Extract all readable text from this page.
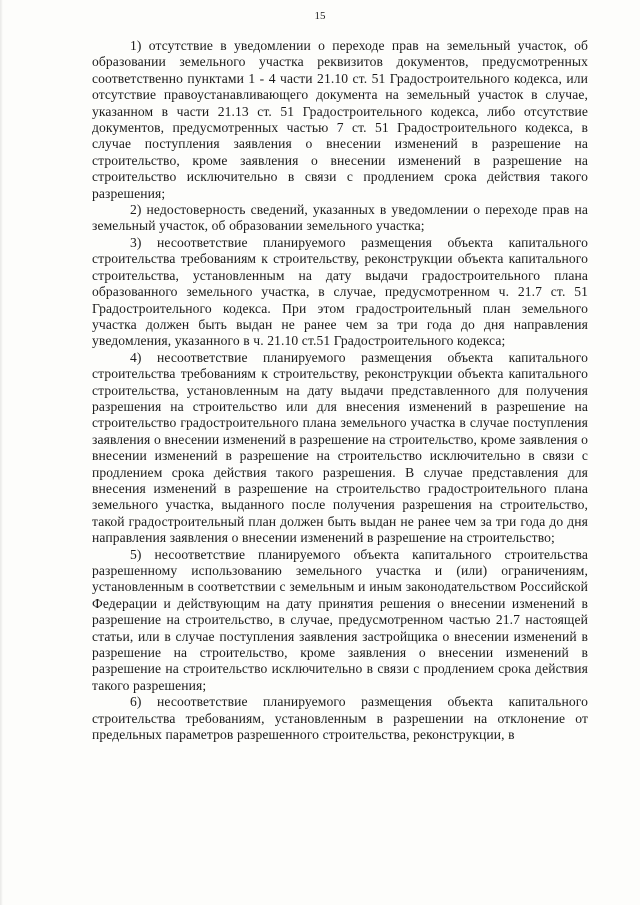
15

1) отсутствие в уведомлении о переходе прав на земельный участок, об образовании земельного участка реквизитов документов, предусмотренных соответственно пунктами 1 - 4 части 21.10 ст. 51 Градостроительного кодекса, или отсутствие правоустанавливающего документа на земельный участок в случае, указанном в части 21.13 ст. 51 Градостроительного кодекса, либо отсутствие документов, предусмотренных частью 7 ст. 51 Градостроительного кодекса, в случае поступления заявления о внесении изменений в разрешение на строительство, кроме заявления о внесении изменений в разрешение на строительство исключительно в связи с продлением срока действия такого разрешения;

2) недостоверность сведений, указанных в уведомлении о переходе прав на земельный участок, об образовании земельного участка;

3) несоответствие планируемого размещения объекта капитального строительства требованиям к строительству, реконструкции объекта капитального строительства, установленным на дату выдачи градостроительного плана образованного земельного участка, в случае, предусмотренном ч. 21.7 ст. 51 Градостроительного кодекса. При этом градостроительный план земельного участка должен быть выдан не ранее чем за три года до дня направления уведомления, указанного в ч. 21.10 ст.51 Градостроительного кодекса;

4) несоответствие планируемого размещения объекта капитального строительства требованиям к строительству, реконструкции объекта капитального строительства, установленным на дату выдачи представленного для получения разрешения на строительство или для внесения изменений в разрешение на строительство градостроительного плана земельного участка в случае поступления заявления о внесении изменений в разрешение на строительство, кроме заявления о внесении изменений в разрешение на строительство исключительно в связи с продлением срока действия такого разрешения. В случае представления для внесения изменений в разрешение на строительство градостроительного плана земельного участка, выданного после получения разрешения на строительство, такой градостроительный план должен быть выдан не ранее чем за три года до дня направления заявления о внесении изменений в разрешение на строительство;

5) несоответствие планируемого объекта капитального строительства разрешенному использованию земельного участка и (или) ограничениям, установленным в соответствии с земельным и иным законодательством Российской Федерации и действующим на дату принятия решения о внесении изменений в разрешение на строительство, в случае, предусмотренном частью 21.7 настоящей статьи, или в случае поступления заявления застройщика о внесении изменений в разрешение на строительство, кроме заявления о внесении изменений в разрешение на строительство исключительно в связи с продлением срока действия такого разрешения;

6) несоответствие планируемого размещения объекта капитального строительства требованиям, установленным в разрешении на отклонение от предельных параметров разрешенного строительства, реконструкции, в
